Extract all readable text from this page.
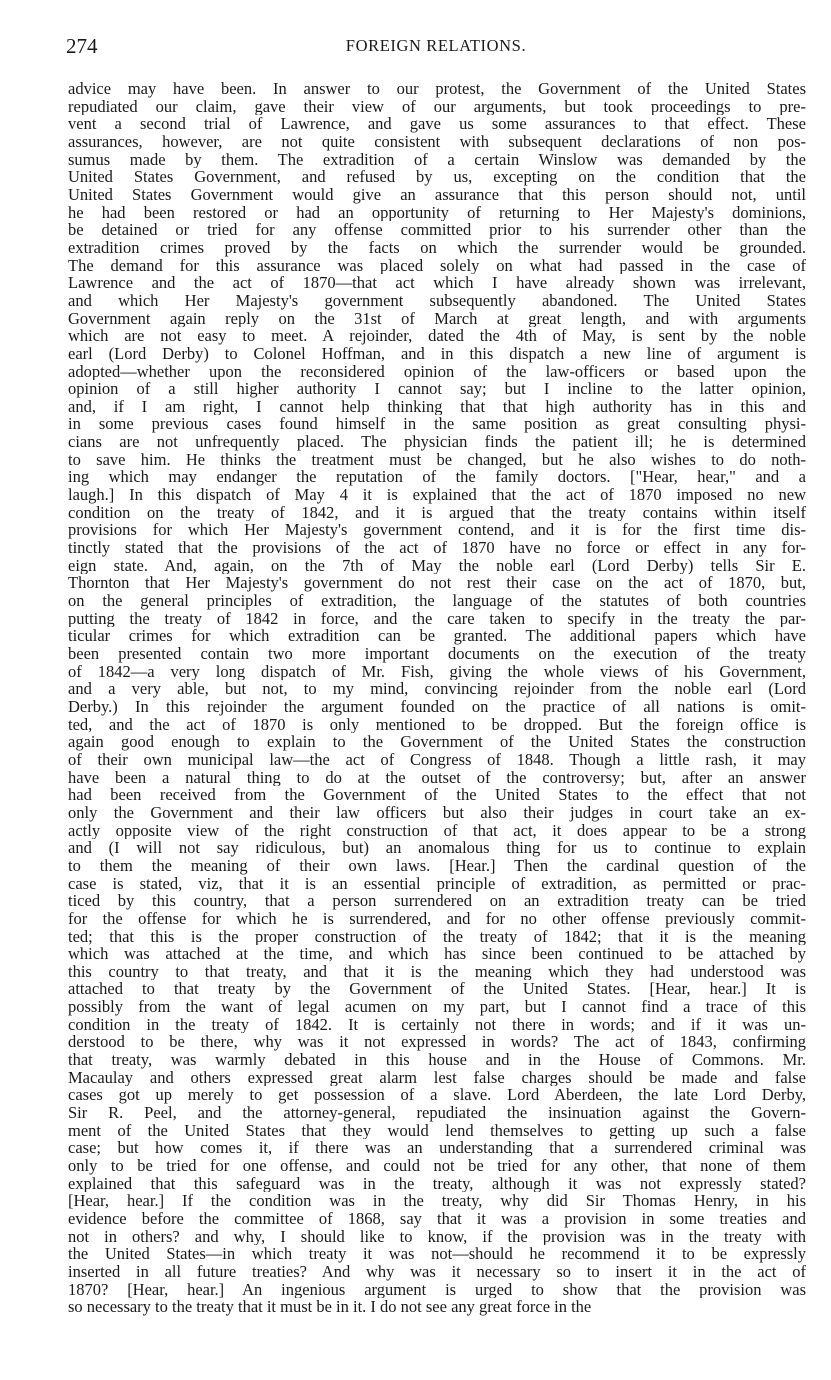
274	FOREIGN RELATIONS.
advice may have been. In answer to our protest, the Government of the United States
repudiated our claim, gave their view of our arguments, but took proceedings to pre-
vent a second trial of Lawrence, and gave us some assurances to that effect. These
assurances, however, are not quite consistent with subsequent declarations of non pos-
sumus made by them. The extradition of a certain Winslow was demanded by the
United States Government, and refused by us, excepting on the condition that the
United States Government would give an assurance that this person should not, until
he had been restored or had an opportunity of returning to Her Majesty's dominions,
be detained or tried for any offense committed prior to his surrender other than the
extradition crimes proved by the facts on which the surrender would be grounded.
The demand for this assurance was placed solely on what had passed in the case of
Lawrence and the act of 1870—that act which I have already shown was irrelevant,
and which Her Majesty's government subsequently abandoned. The United States
Government again reply on the 31st of March at great length, and with arguments
which are not easy to meet. A rejoinder, dated the 4th of May, is sent by the noble
earl (Lord Derby) to Colonel Hoffman, and in this dispatch a new line of argument is
adopted—whether upon the reconsidered opinion of the law-officers or based upon the
opinion of a still higher authority I cannot say; but I incline to the latter opinion,
and, if I am right, I cannot help thinking that that high authority has in this and
in some previous cases found himself in the same position as great consulting physi-
cians are not unfrequently placed. The physician finds the patient ill; he is determined
to save him. He thinks the treatment must be changed, but he also wishes to do noth-
ing which may endanger the reputation of the family doctors. ["Hear, hear," and a
laugh.] In this dispatch of May 4 it is explained that the act of 1870 imposed no new
condition on the treaty of 1842, and it is argued that the treaty contains within itself
provisions for which Her Majesty's government contend, and it is for the first time dis-
tinctly stated that the provisions of the act of 1870 have no force or effect in any for-
eign state. And, again, on the 7th of May the noble earl (Lord Derby) tells Sir E.
Thornton that Her Majesty's government do not rest their case on the act of 1870, but,
on the general principles of extradition, the language of the statutes of both countries
putting the treaty of 1842 in force, and the care taken to specify in the treaty the par-
ticular crimes for which extradition can be granted. The additional papers which have
been presented contain two more important documents on the execution of the treaty
of 1842—a very long dispatch of Mr. Fish, giving the whole views of his Government,
and a very able, but not, to my mind, convincing rejoinder from the noble earl (Lord
Derby.) In this rejoinder the argument founded on the practice of all nations is omit-
ted, and the act of 1870 is only mentioned to be dropped. But the foreign office is
again good enough to explain to the Government of the United States the construction
of their own municipal law—the act of Congress of 1848. Though a little rash, it may
have been a natural thing to do at the outset of the controversy; but, after an answer
had been received from the Government of the United States to the effect that not
only the Government and their law officers but also their judges in court take an ex-
actly opposite view of the right construction of that act, it does appear to be a strong
and (I will not say ridiculous, but) an anomalous thing for us to continue to explain
to them the meaning of their own laws. [Hear.] Then the cardinal question of the
case is stated, viz, that it is an essential principle of extradition, as permitted or prac-
ticed by this country, that a person surrendered on an extradition treaty can be tried
for the offense for which he is surrendered, and for no other offense previously commit-
ted; that this is the proper construction of the treaty of 1842; that it is the meaning
which was attached at the time, and which has since been continued to be attached by
this country to that treaty, and that it is the meaning which they had understood was
attached to that treaty by the Government of the United States. [Hear, hear.] It is
possibly from the want of legal acumen on my part, but I cannot find a trace of this
condition in the treaty of 1842. It is certainly not there in words; and if it was un-
derstood to be there, why was it not expressed in words? The act of 1843, confirming
that treaty, was warmly debated in this house and in the House of Commons. Mr.
Macaulay and others expressed great alarm lest false charges should be made and false
cases got up merely to get possession of a slave. Lord Aberdeen, the late Lord Derby,
Sir R. Peel, and the attorney-general, repudiated the insinuation against the Govern-
ment of the United States that they would lend themselves to getting up such a false
case; but how comes it, if there was an understanding that a surrendered criminal was
only to be tried for one offense, and could not be tried for any other, that none of them
explained that this safeguard was in the treaty, although it was not expressly stated?
[Hear, hear.] If the condition was in the treaty, why did Sir Thomas Henry, in his
evidence before the committee of 1868, say that it was a provision in some treaties and
not in others? and why, I should like to know, if the provision was in the treaty with
the United States—in which treaty it was not—should he recommend it to be expressly
inserted in all future treaties? And why was it necessary so to insert it in the act of
1870? [Hear, hear.] An ingenious argument is urged to show that the provision was
so necessary to the treaty that it must be in it. I do not see any great force in the
